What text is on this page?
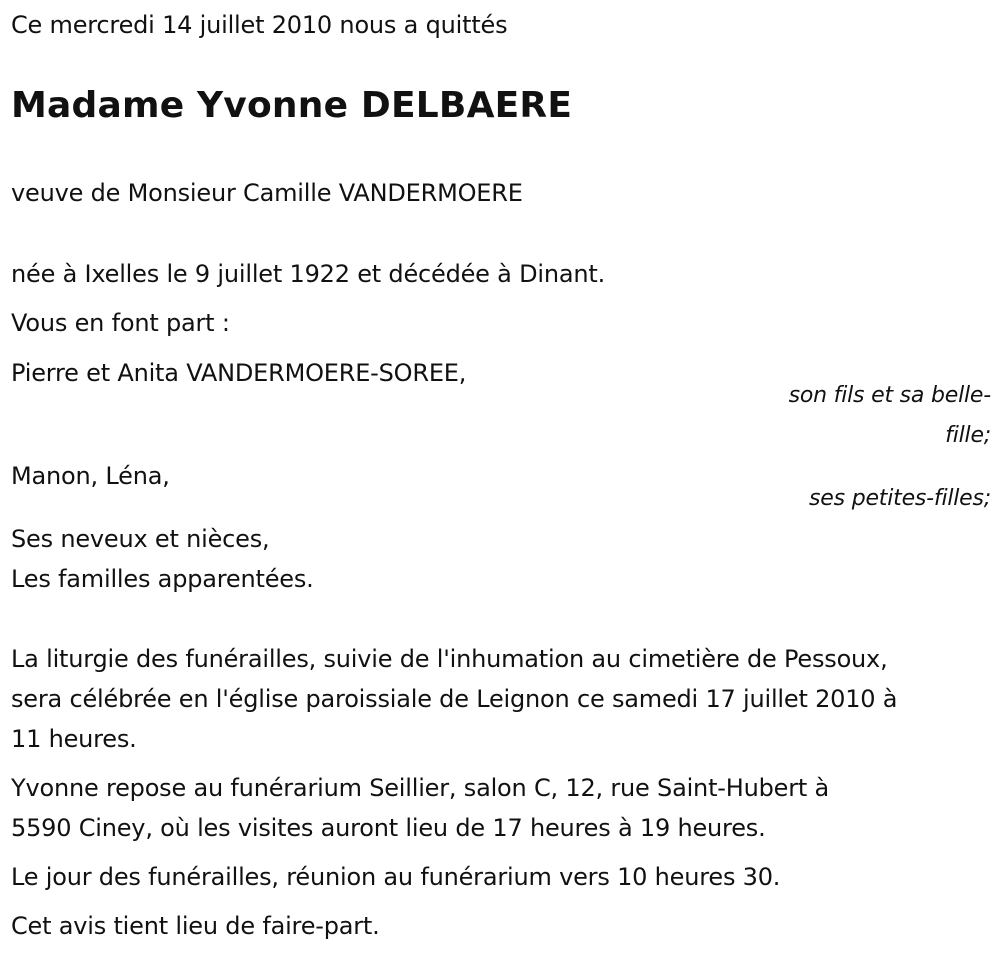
Ce mercredi 14 juillet 2010 nous a quittés
Madame Yvonne DELBAERE
veuve de Monsieur Camille VANDERMOERE
née à Ixelles le 9 juillet 1922 et décédée à Dinant.
Vous en font part :
Pierre et Anita VANDERMOERE-SOREE,
son fils et sa belle-
fille;
Manon, Léna,
ses petites-filles;
Ses neveux et nièces,
Les familles apparentées.
La liturgie des funérailles, suivie de l'inhumation au cimetière de Pessoux,
sera célébrée en l'église paroissiale de Leignon ce samedi 17 juillet 2010 à
11 heures.
Yvonne repose au funérarium Seillier, salon C, 12, rue Saint-Hubert à
5590 Ciney, où les visites auront lieu de 17 heures à 19 heures.
Le jour des funérailles, réunion au funérarium vers 10 heures 30.
Cet avis tient lieu de faire-part.
